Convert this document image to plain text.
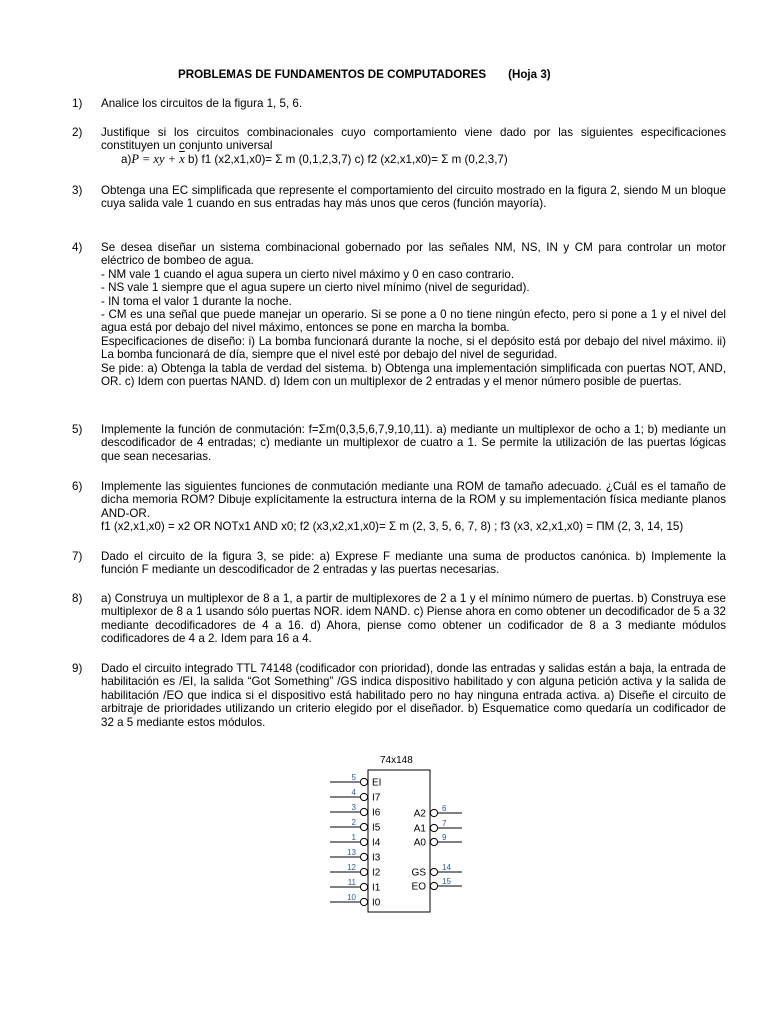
PROBLEMAS DE FUNDAMENTOS DE COMPUTADORES (Hoja 3)
1)	Analice los circuitos de la figura 1, 5, 6.

2)	Justifique si los circuitos combinacionales cuyo comportamiento viene dado por las siguientes especificaciones constituyen un conjunto universal

a)P = xy + $\overline{x}$ b) f1 (x2,x1,x0)= Σ m (0,1,2,3,7) c) f2 (x2,x1,x0)= Σ m (0,2,3,7)

3)	Obtenga una EC simplificada que represente el comportamiento del circuito mostrado en la figura 2, siendo M un bloque cuya salida vale 1 cuando en sus entradas hay más unos que ceros (función mayoría).

4)	Se desea diseñar un sistema combinacional gobernado por las señales NM, NS, IN y CM para controlar un motor eléctrico de bombeo de agua.

- NM vale 1 cuando el agua supera un cierto nivel máximo y 0 en caso contrario.

- NS vale 1 siempre que el agua supere un cierto nivel mínimo (nivel de seguridad).

- IN toma el valor 1 durante la noche.

- CM es una señal que puede manejar un operario. Si se pone a 0 no tiene ningún efecto, pero si pone a 1 y el nivel del agua está por debajo del nivel máximo, entonces se pone en marcha la bomba.

Especificaciones de diseño: i) La bomba funcionará durante la noche, si el depósito está por debajo del nivel máximo. ii) La bomba funcionará de día, siempre que el nivel esté por debajo del nivel de seguridad.

Se pide: a) Obtenga la tabla de verdad del sistema. b) Obtenga una implementación simplificada con puertas NOT, AND, OR. c) Idem con puertas NAND. d) Idem con un multiplexor de 2 entradas y el menor número posible de puertas.

5)	Implemente la función de conmutación: f=Σm(0,3,5,6,7,9,10,11). a) mediante un multiplexor de ocho a 1; b) mediante un descodificador de 4 entradas; c) mediante un multiplexor de cuatro a 1. Se permite la utilización de las puertas lógicas que sean necesarias.

6)	Implemente las siguientes funciones de conmutación mediante una ROM de tamaño adecuado. ¿Cuál es el tamaño de dicha memoria ROM? Dibuje explícitamente la estructura interna de la ROM y su implementación física mediante planos AND-OR.

f1 (x2,x1,x0) = x2 OR NOTx1 AND x0; f2 (x3,x2,x1,x0)= Σ m (2, 3, 5, 6, 7, 8) ; f3 (x3, x2,x1,x0) = ΠM (2, 3, 14, 15)

7)	Dado el circuito de la figura 3, se pide: a) Exprese F mediante una suma de productos canónica. b) Implemente la función F mediante un descodificador de 2 entradas y las puertas necesarias.

8)	a) Construya un multiplexor de 8 a 1, a partir de multiplexores de 2 a 1 y el mínimo número de puertas. b) Construya ese multiplexor de 8 a 1 usando sólo puertas NOR. idem NAND. c) Piense ahora en como obtener un decodificador de 5 a 32 mediante decodificadores de 4 a 16. d) Ahora, piense como obtener un codificador de 8 a 3 mediante módulos codificadores de 4 a 2. Idem para 16 a 4.

9)	Dado el circuito integrado TTL 74148 (codificador con prioridad), donde las entradas y salidas están a baja, la entrada de habilitación es /EI, la salida “Got Something” /GS indica dispositivo habilitado y con alguna petición activa y la salida de habilitación /EO que indica si el dispositivo está habilitado pero no hay ninguna entrada activa. a) Diseñe el circuito de arbitraje de prioridades utilizando un criterio elegido por el diseñador. b) Esquematice como quedaría un codificador de 32 a 5 mediante estos módulos.

74x148
5 EI
4 I7
3 I6
2 I5
1 I4
13 I3
12 I2
11 I1
10 I0
6
A2
7
A1
9
A0
14
GS
15
EO
